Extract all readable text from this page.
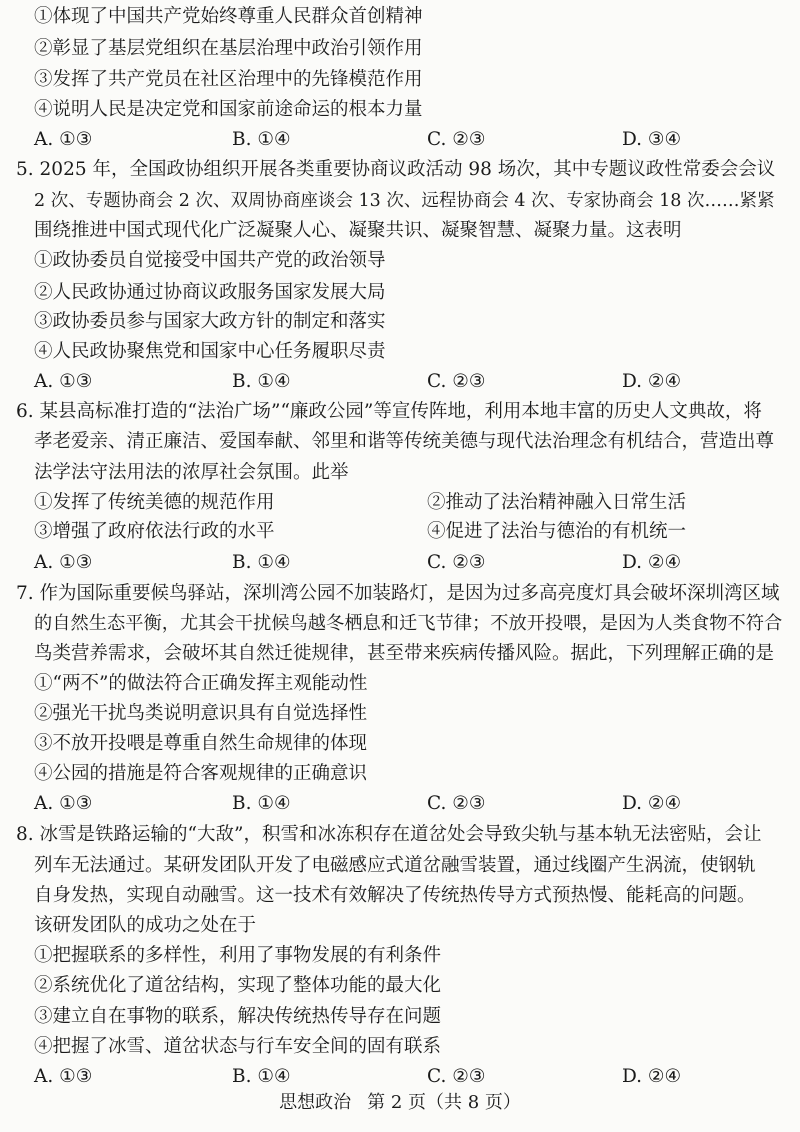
①体现了中国共产党始终尊重人民群众首创精神
②彰显了基层党组织在基层治理中政治引领作用
③发挥了共产党员在社区治理中的先锋模范作用
④说明人民是决定党和国家前途命运的根本力量
A. ①③	B. ①④	C. ②③	D. ③④
5. 2025 年，全国政协组织开展各类重要协商议政活动 98 场次，其中专题议政性常委会会议
2 次、专题协商会 2 次、双周协商座谈会 13 次、远程协商会 4 次、专家协商会 18 次……紧紧
围绕推进中国式现代化广泛凝聚人心、凝聚共识、凝聚智慧、凝聚力量。这表明
①政协委员自觉接受中国共产党的政治领导
②人民政协通过协商议政服务国家发展大局
③政协委员参与国家大政方针的制定和落实
④人民政协聚焦党和国家中心任务履职尽责
A. ①③	B. ①④	C. ②③	D. ②④
6. 某县高标准打造的“法治广场”“廉政公园”等宣传阵地，利用本地丰富的历史人文典故，将
孝老爱亲、清正廉洁、爱国奉献、邻里和谐等传统美德与现代法治理念有机结合，营造出尊
法学法守法用法的浓厚社会氛围。此举
①发挥了传统美德的规范作用	②推动了法治精神融入日常生活
③增强了政府依法行政的水平	④促进了法治与德治的有机统一
A. ①③	B. ①④	C. ②③	D. ②④
7. 作为国际重要候鸟驿站，深圳湾公园不加装路灯，是因为过多高亮度灯具会破坏深圳湾区域
的自然生态平衡，尤其会干扰候鸟越冬栖息和迁飞节律；不放开投喂，是因为人类食物不符合
鸟类营养需求，会破坏其自然迁徙规律，甚至带来疾病传播风险。据此，下列理解正确的是
①“两不”的做法符合正确发挥主观能动性
②强光干扰鸟类说明意识具有自觉选择性
③不放开投喂是尊重自然生命规律的体现
④公园的措施是符合客观规律的正确意识
A. ①③	B. ①④	C. ②③	D. ②④
8. 冰雪是铁路运输的“大敌”，积雪和冰冻积存在道岔处会导致尖轨与基本轨无法密贴，会让
列车无法通过。某研发团队开发了电磁感应式道岔融雪装置，通过线圈产生涡流，使钢轨
自身发热，实现自动融雪。这一技术有效解决了传统热传导方式预热慢、能耗高的问题。
该研发团队的成功之处在于
①把握联系的多样性，利用了事物发展的有利条件
②系统优化了道岔结构，实现了整体功能的最大化
③建立自在事物的联系，解决传统热传导存在问题
④把握了冰雪、道岔状态与行车安全间的固有联系
A. ①③	B. ①④	C. ②③	D. ②④
思想政治 第 2 页（共 8 页）
